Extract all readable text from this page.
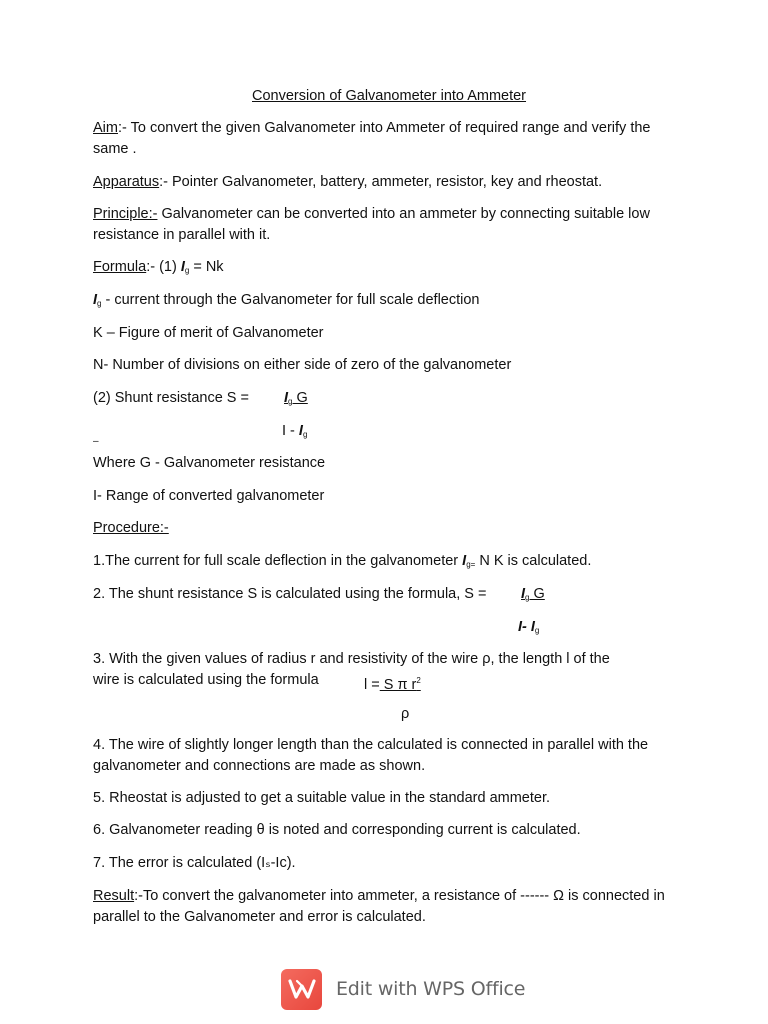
Conversion of Galvanometer into Ammeter
Aim:- To convert the given Galvanometer into Ammeter of required range and verify the same .
Apparatus:- Pointer Galvanometer, battery, ammeter, resistor, key and rheostat.
Principle:- Galvanometer can be converted into an ammeter by connecting suitable low resistance in parallel with it.
Formula:- (1) $I_g = Nk$
$I_g$ - current through the Galvanometer for full scale deflection
K – Figure of merit of Galvanometer
N- Number of divisions on either side of zero of the galvanometer
(2) Shunt resistance $S = I_g$ G
I - $I_g$
–
Where G - Galvanometer resistance
I- Range of converted galvanometer
Procedure:-
1.The current for full scale deflection in the galvanometer $I_{g=}$ N K is calculated.
2. The shunt resistance S is calculated using the formula, $S = I_g$ G
I- $I_g$
3. With the given values of radius r and resistivity of the wire ρ, the length l of the
wire is calculated using the formula	l = S π $r^2$
ρ
4. The wire of slightly longer length than the calculated is connected in parallel with the galvanometer and connections are made as shown.
5. Rheostat is adjusted to get a suitable value in the standard ammeter.
6. Galvanometer reading θ is noted and corresponding current is calculated.
7. The error is calculated (Iₛ-Iᴄ).
Result:-To convert the galvanometer into ammeter, a resistance of ------ Ω is connected in parallel to the Galvanometer and error is calculated.
Edit with WPS Office
